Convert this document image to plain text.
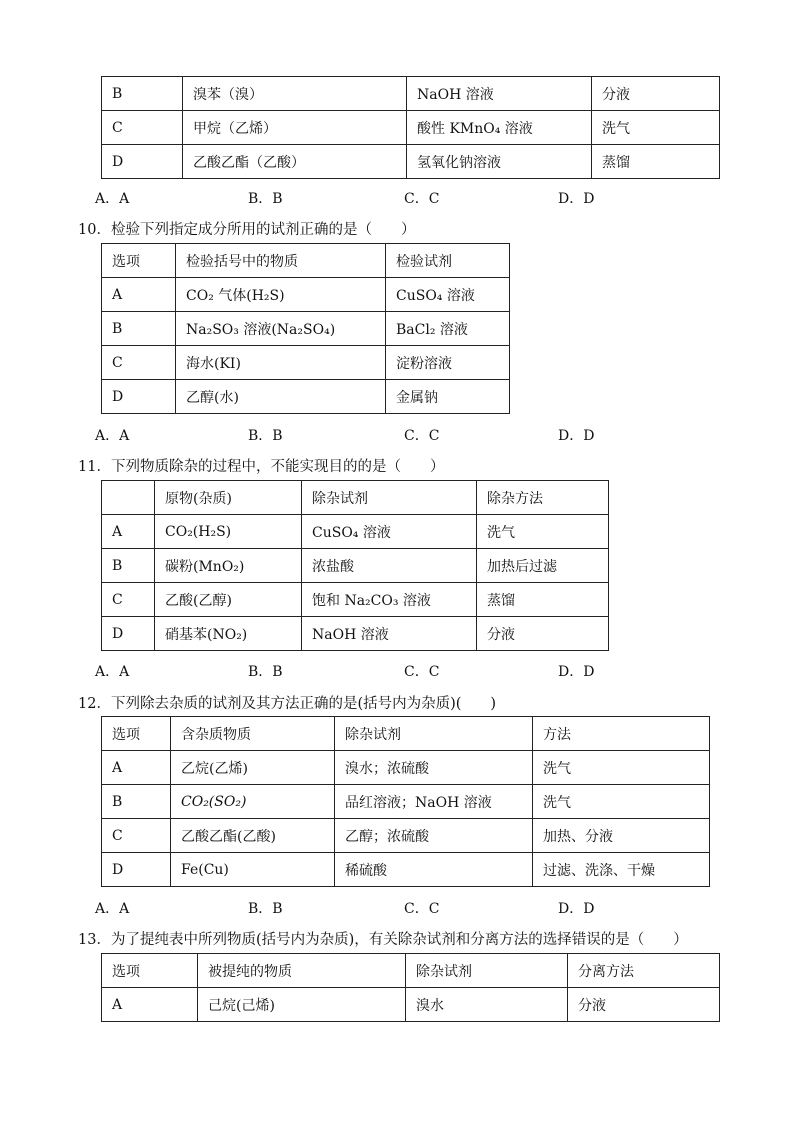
B	溴苯（溴）	NaOH 溶液	分液
C	甲烷（乙烯）	酸性 KMnO₄ 溶液	洗气
D	乙酸乙酯（乙酸）	氢氧化钠溶液	蒸馏
A．A	B．B	C．C	D．D
10．检验下列指定成分所用的试剂正确的是（　　）
选项	检验括号中的物质	检验试剂
A	CO₂ 气体(H₂S)	CuSO₄ 溶液
B	Na₂SO₃ 溶液(Na₂SO₄)	BaCl₂ 溶液
C	海水(KI)	淀粉溶液
D	乙醇(水)	金属钠
A．A	B．B	C．C	D．D
11．下列物质除杂的过程中，不能实现目的的是（　　）
	原物(杂质)	除杂试剂	除杂方法
A	CO₂(H₂S)	CuSO₄ 溶液	洗气
B	碳粉(MnO₂)	浓盐酸	加热后过滤
C	乙酸(乙醇)	饱和 Na₂CO₃ 溶液	蒸馏
D	硝基苯(NO₂)	NaOH 溶液	分液
A．A	B．B	C．C	D．D
12．下列除去杂质的试剂及其方法正确的是(括号内为杂质)(　　)
选项	含杂质物质	除杂试剂	方法
A	乙烷(乙烯)	溴水；浓硫酸	洗气
B	CO₂(SO₂)	品红溶液；NaOH 溶液	洗气
C	乙酸乙酯(乙酸)	乙醇；浓硫酸	加热、分液
D	Fe(Cu)	稀硫酸	过滤、洗涤、干燥
A．A	B．B	C．C	D．D
13．为了提纯表中所列物质(括号内为杂质)，有关除杂试剂和分离方法的选择错误的是（　　）
选项	被提纯的物质	除杂试剂	分离方法
A	己烷(己烯)	溴水	分液
